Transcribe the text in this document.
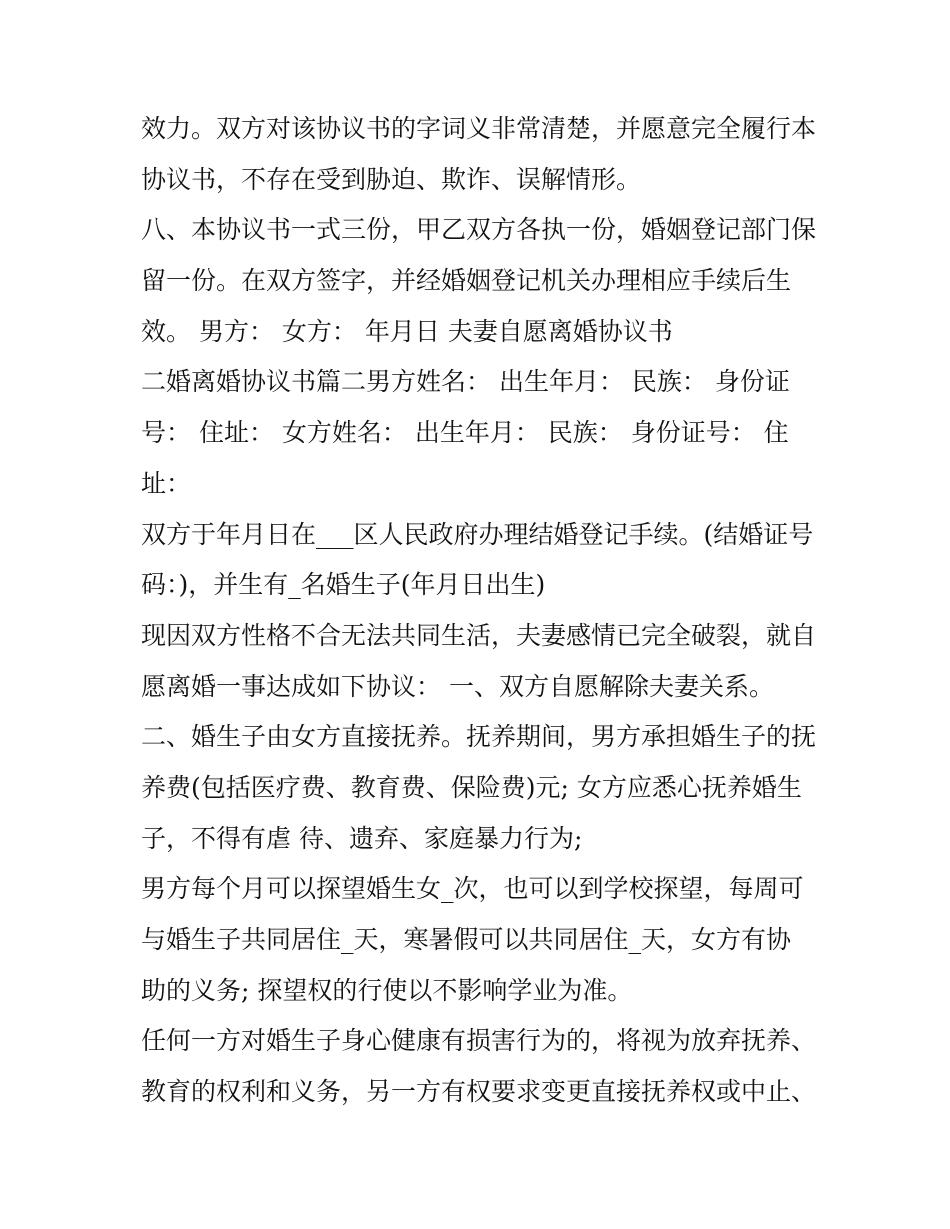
效力。双方对该协议书的字词义非常清楚，并愿意完全履行本
协议书，不存在受到胁迫、欺诈、误解情形。
八、本协议书一式三份，甲乙双方各执一份，婚姻登记部门保
留一份。在双方签字，并经婚姻登记机关办理相应手续后生
效。 男方： 女方： 年月日 夫妻自愿离婚协议书
二婚离婚协议书篇二男方姓名： 出生年月： 民族： 身份证
号： 住址： 女方姓名： 出生年月： 民族： 身份证号： 住
址：
双方于年月日在___区人民政府办理结婚登记手续。(结婚证号
码：)，并生有_名婚生子(年月日出生)
现因双方性格不合无法共同生活，夫妻感情已完全破裂，就自
愿离婚一事达成如下协议： 一、双方自愿解除夫妻关系。
二、婚生子由女方直接抚养。抚养期间，男方承担婚生子的抚
养费(包括医疗费、教育费、保险费)元; 女方应悉心抚养婚生
子，不得有虐 待、遗弃、家庭暴力行为;
男方每个月可以探望婚生女_次，也可以到学校探望，每周可
与婚生子共同居住_天，寒暑假可以共同居住_天，女方有协
助的义务; 探望权的行使以不影响学业为准。
任何一方对婚生子身心健康有损害行为的，将视为放弃抚养、
教育的权利和义务，另一方有权要求变更直接抚养权或中止、
